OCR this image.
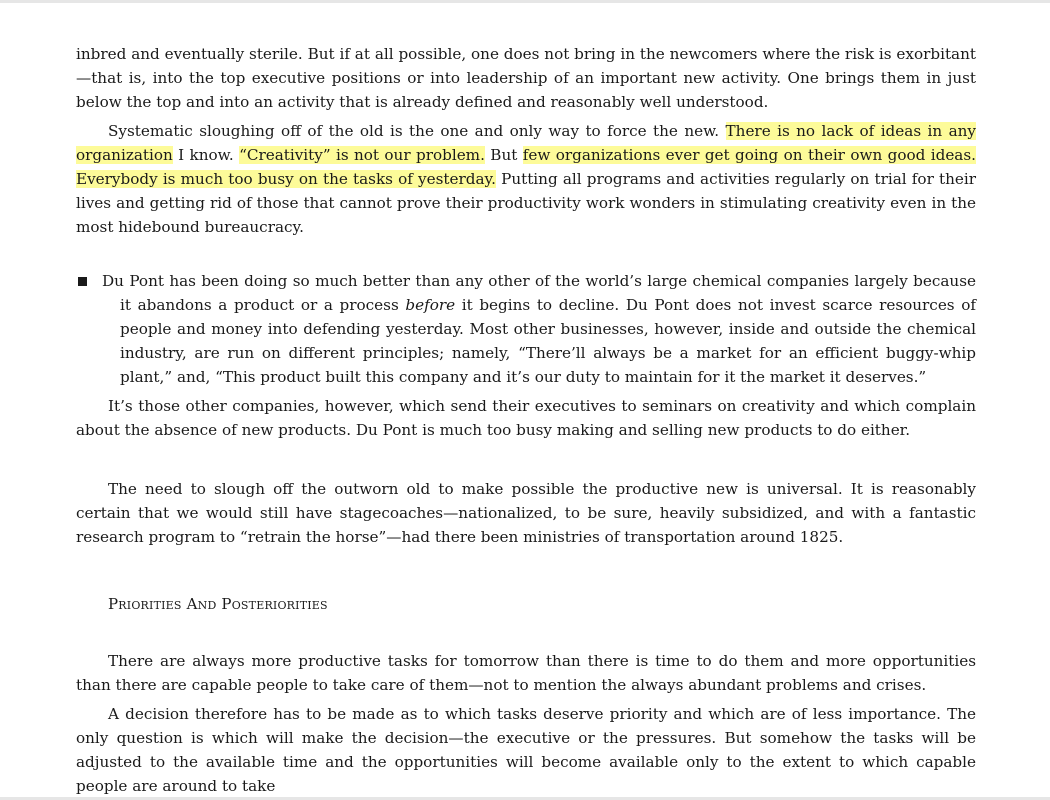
inbred and eventually sterile. But if at all possible, one does not bring in the newcomers where the risk is exorbitant—that is, into the top executive positions or into leadership of an important new activity. One brings them in just below the top and into an activity that is already defined and reasonably well understood.

Systematic sloughing off of the old is the one and only way to force the new. There is no lack of ideas in any organization I know. “Creativity” is not our problem. But few organizations ever get going on their own good ideas. Everybody is much too busy on the tasks of yesterday. Putting all programs and activities regularly on trial for their lives and getting rid of those that cannot prove their productivity work wonders in stimulating creativity even in the most hidebound bureaucracy.

Du Pont has been doing so much better than any other of the world’s large chemical companies largely because it abandons a product or a process before it begins to decline. Du Pont does not invest scarce resources of people and money into defending yesterday. Most other businesses, however, inside and outside the chemical industry, are run on different principles; namely, “There’ll always be a market for an efficient buggy-whip plant,” and, “This product built this company and it’s our duty to maintain for it the market it deserves.”

It’s those other companies, however, which send their executives to seminars on creativity and which complain about the absence of new products. Du Pont is much too busy making and selling new products to do either.

The need to slough off the outworn old to make possible the productive new is universal. It is reasonably certain that we would still have stagecoaches—nationalized, to be sure, heavily subsidized, and with a fantastic research program to “retrain the horse”—had there been ministries of transportation around 1825.

Priorities And Posteriorities

There are always more productive tasks for tomorrow than there is time to do them and more opportunities than there are capable people to take care of them—not to mention the always abundant problems and crises.

A decision therefore has to be made as to which tasks deserve priority and which are of less importance. The only question is which will make the decision—the executive or the pressures. But somehow the tasks will be adjusted to the available time and the opportunities will become available only to the extent to which capable people are around to take
